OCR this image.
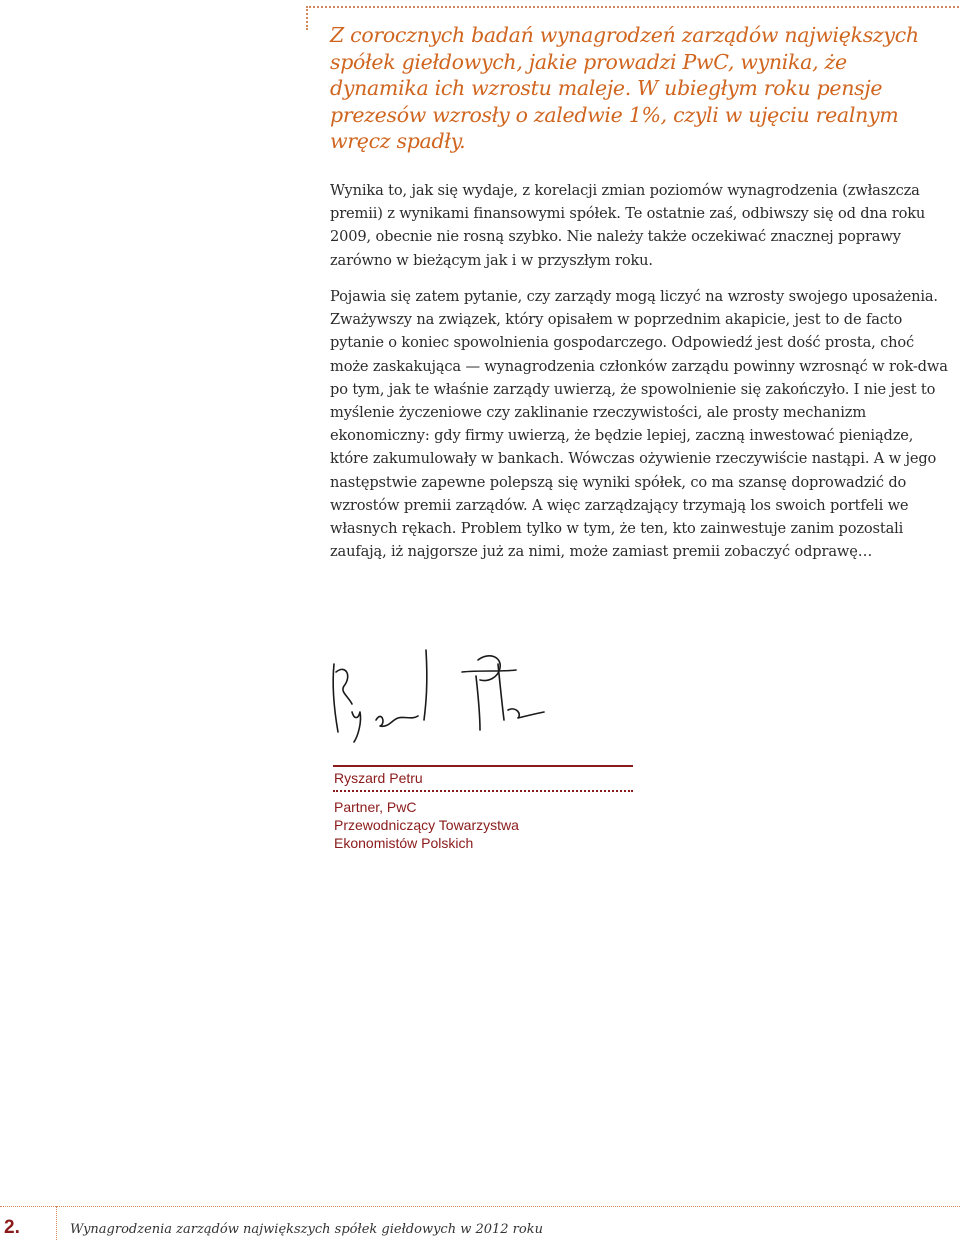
Z corocznych badań wynagrodzeń zarządów największych spółek giełdowych, jakie prowadzi PwC, wynika, że dynamika ich wzrostu maleje. W ubiegłym roku pensje prezesów wzrosły o zaledwie 1%, czyli w ujęciu realnym wręcz spadły.

Wynika to, jak się wydaje, z korelacji zmian poziomów wynagrodzenia (zwłaszcza premii) z wynikami finansowymi spółek. Te ostatnie zaś, odbiwszy się od dna roku 2009, obecnie nie rosną szybko. Nie należy także oczekiwać znacznej poprawy zarówno w bieżącym jak i w przyszłym roku.

Pojawia się zatem pytanie, czy zarządy mogą liczyć na wzrosty swojego uposażenia. Zważywszy na związek, który opisałem w poprzednim akapicie, jest to de facto pytanie o koniec spowolnienia gospodarczego. Odpowiedź jest dość prosta, choć może zaskakująca — wynagrodzenia członków zarządu powinny wzrosnąć w rok-dwa po tym, jak te właśnie zarządy uwierzą, że spowolnienie się zakończyło. I nie jest to myślenie życzeniowe czy zaklinanie rzeczywistości, ale prosty mechanizm ekonomiczny: gdy firmy uwierzą, że będzie lepiej, zaczną inwestować pieniądze, które zakumulowały w bankach. Wówczas ożywienie rzeczywiście nastąpi. A w jego następstwie zapewne polepszą się wyniki spółek, co ma szansę doprowadzić do wzrostów premii zarządów. A więc zarządzający trzymają los swoich portfeli we własnych rękach. Problem tylko w tym, że ten, kto zainwestuje zanim pozostali zaufają, iż najgorsze już za nimi, może zamiast premii zobaczyć odprawę…

Ryszard Petru
Partner, PwC
Przewodniczący Towarzystwa
Ekonomistów Polskich
2.	Wynagrodzenia zarządów największych spółek giełdowych w 2012 roku
